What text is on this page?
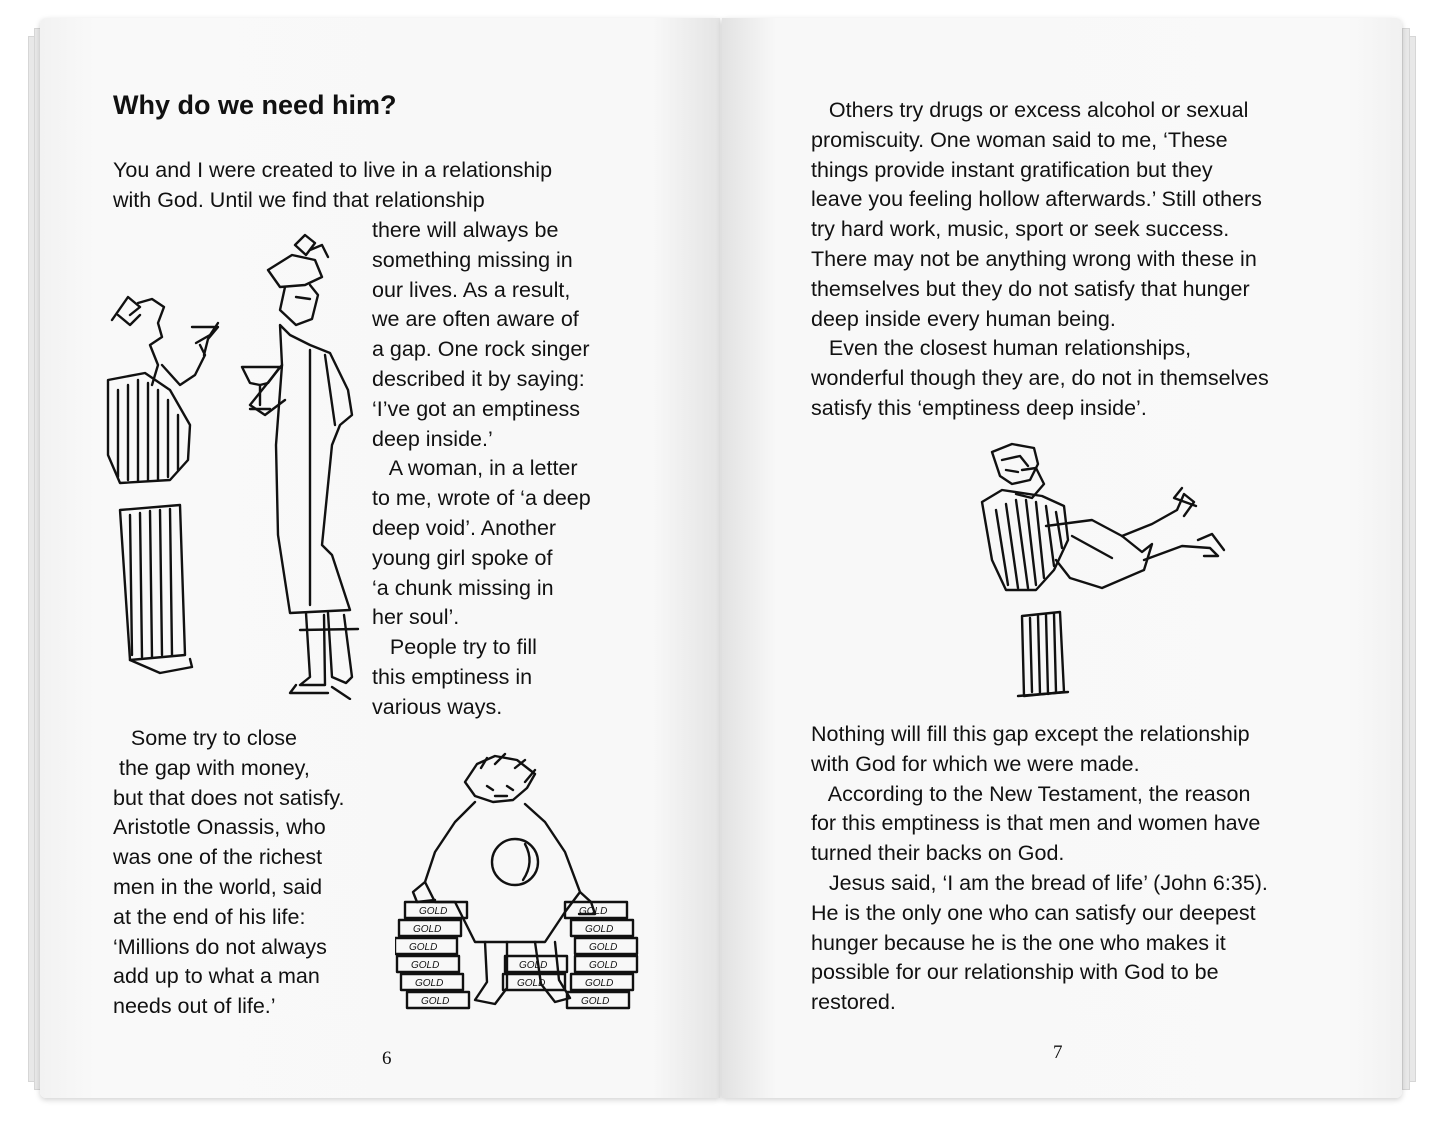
Why do we need him?
You and I were created to live in a relationship
with God. Until we find that relationship
there will always be
something missing in
our lives. As a result,
we are often aware of
a gap. One rock singer
described it by saying:
‘I’ve got an emptiness
deep inside.’
A woman, in a letter
to me, wrote of ‘a deep
deep void’. Another
young girl spoke of
‘a chunk missing in
her soul’.
People try to fill
this emptiness in
various ways.
Some try to close
the gap with money,
but that does not satisfy.
Aristotle Onassis, who
was one of the richest
men in the world, said
at the end of his life:
‘Millions do not always
add up to what a man
needs out of life.’
6
GOLD	GOLD
GOLD	GOLD
GOLD	GOLD
GOLD	GOLD	GOLD
GOLD	GOLD	GOLD
GOLD	GOLD
Others try drugs or excess alcohol or sexual
promiscuity. One woman said to me, ‘These
things provide instant gratification but they
leave you feeling hollow afterwards.’ Still others
try hard work, music, sport or seek success.
There may not be anything wrong with these in
themselves but they do not satisfy that hunger
deep inside every human being.
Even the closest human relationships,
wonderful though they are, do not in themselves
satisfy this ‘emptiness deep inside’.
Nothing will fill this gap except the relationship
with God for which we were made.
According to the New Testament, the reason
for this emptiness is that men and women have
turned their backs on God.
Jesus said, ‘I am the bread of life’ (John 6:35).
He is the only one who can satisfy our deepest
hunger because he is the one who makes it
possible for our relationship with God to be
restored.
7
